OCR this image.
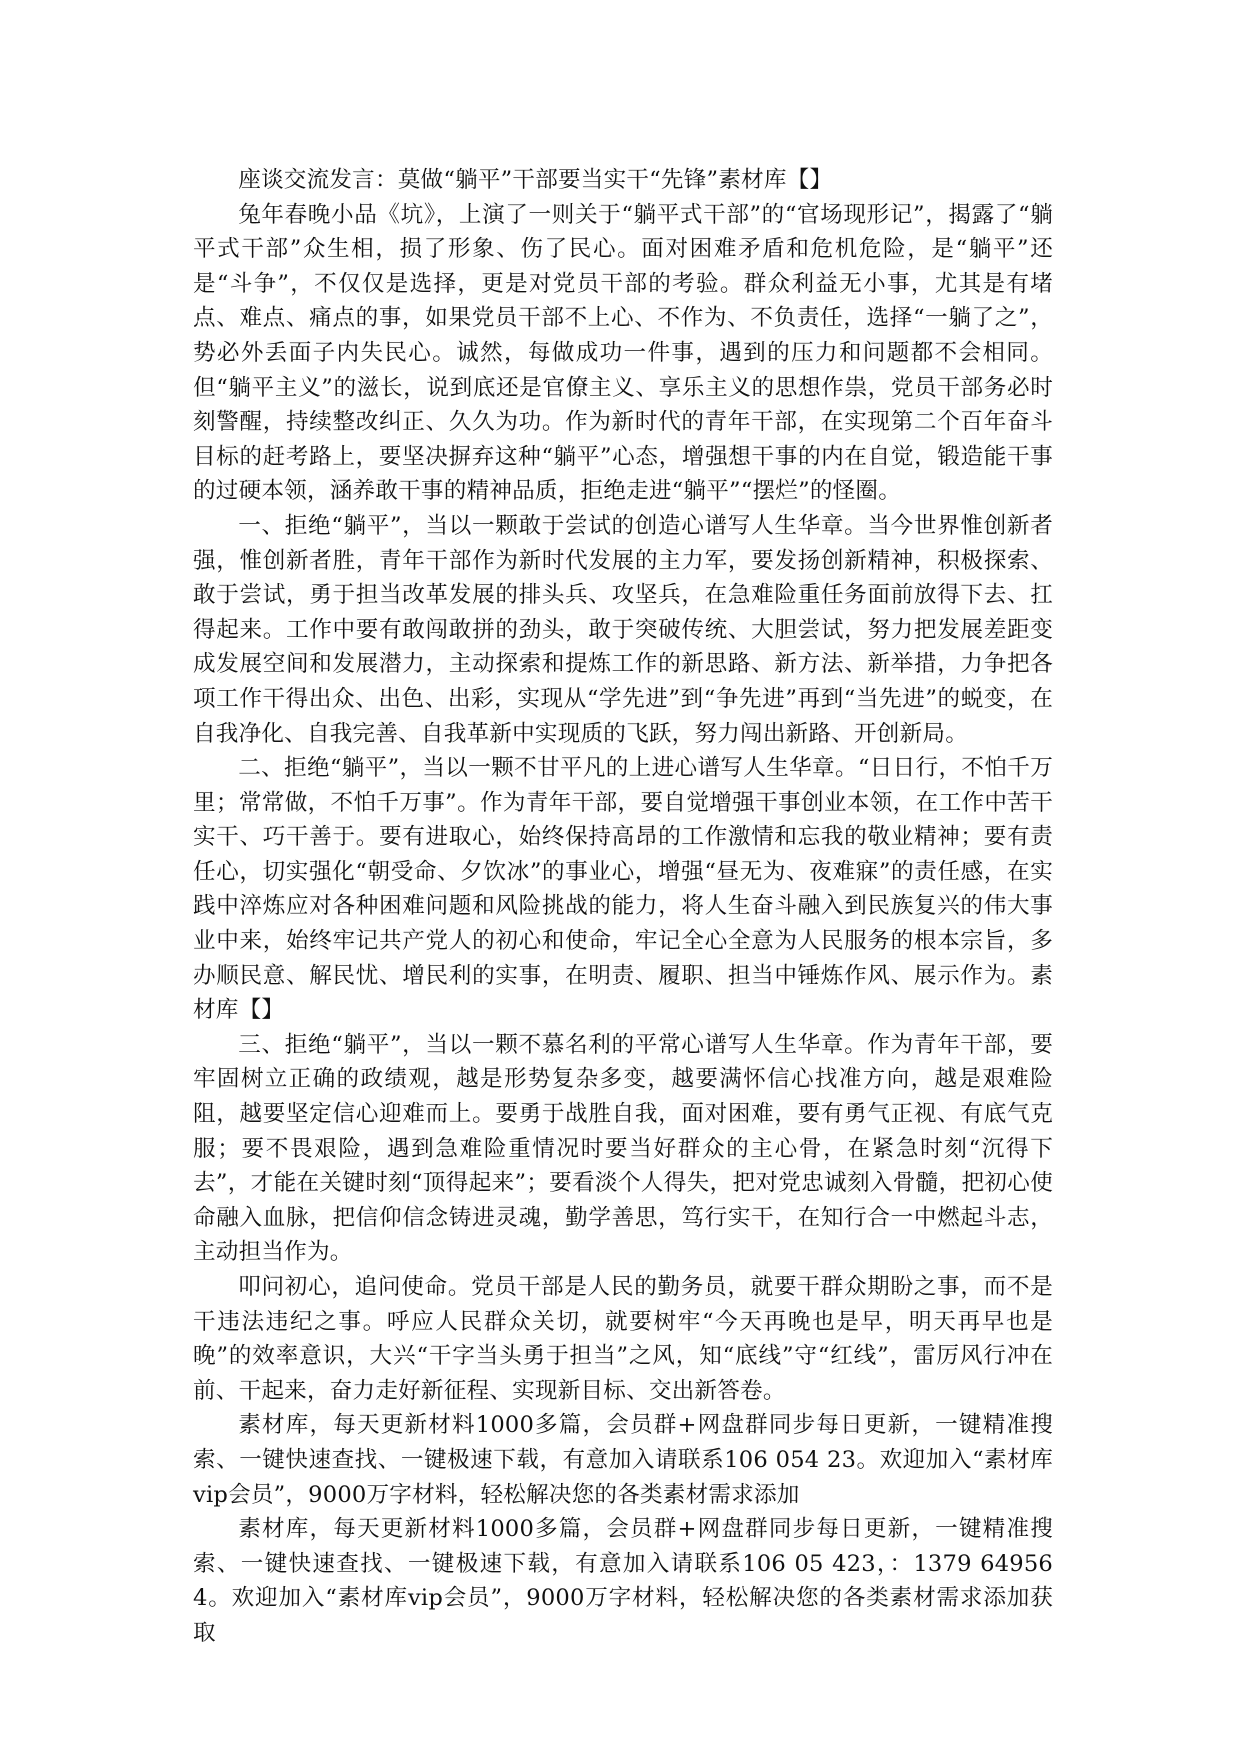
座谈交流发言：莫做“躺平”干部要当实干“先锋”素材库【】

兔年春晚小品《坑》，上演了一则关于“躺平式干部”的“官场现形记”，揭露了“躺平式干部”众生相，损了形象、伤了民心。面对困难矛盾和危机危险，是“躺平”还是“斗争”，不仅仅是选择，更是对党员干部的考验。群众利益无小事，尤其是有堵点、难点、痛点的事，如果党员干部不上心、不作为、不负责任，选择“一躺了之”，势必外丢面子内失民心。诚然，每做成功一件事，遇到的压力和问题都不会相同。但“躺平主义”的滋长，说到底还是官僚主义、享乐主义的思想作祟，党员干部务必时刻警醒，持续整改纠正、久久为功。作为新时代的青年干部，在实现第二个百年奋斗目标的赶考路上，要坚决摒弃这种“躺平”心态，增强想干事的内在自觉，锻造能干事的过硬本领，涵养敢干事的精神品质，拒绝走进“躺平”“摆烂”的怪圈。

一、拒绝“躺平”，当以一颗敢于尝试的创造心谱写人生华章。当今世界惟创新者强，惟创新者胜，青年干部作为新时代发展的主力军，要发扬创新精神，积极探索、敢于尝试，勇于担当改革发展的排头兵、攻坚兵，在急难险重任务面前放得下去、扛得起来。工作中要有敢闯敢拼的劲头，敢于突破传统、大胆尝试，努力把发展差距变成发展空间和发展潜力，主动探索和提炼工作的新思路、新方法、新举措，力争把各项工作干得出众、出色、出彩，实现从“学先进”到“争先进”再到“当先进”的蜕变，在自我净化、自我完善、自我革新中实现质的飞跃，努力闯出新路、开创新局。

二、拒绝“躺平”，当以一颗不甘平凡的上进心谱写人生华章。“日日行，不怕千万里；常常做，不怕千万事”。作为青年干部，要自觉增强干事创业本领，在工作中苦干实干、巧干善于。要有进取心，始终保持高昂的工作激情和忘我的敬业精神；要有责任心，切实强化“朝受命、夕饮冰”的事业心，增强“昼无为、夜难寐”的责任感，在实践中淬炼应对各种困难问题和风险挑战的能力，将人生奋斗融入到民族复兴的伟大事业中来，始终牢记共产党人的初心和使命，牢记全心全意为人民服务的根本宗旨，多办顺民意、解民忧、增民利的实事，在明责、履职、担当中锤炼作风、展示作为。素材库【】

三、拒绝“躺平”，当以一颗不慕名利的平常心谱写人生华章。作为青年干部，要牢固树立正确的政绩观，越是形势复杂多变，越要满怀信心找准方向，越是艰难险阻，越要坚定信心迎难而上。要勇于战胜自我，面对困难，要有勇气正视、有底气克服；要不畏艰险，遇到急难险重情况时要当好群众的主心骨，在紧急时刻“沉得下去”，才能在关键时刻“顶得起来”；要看淡个人得失，把对党忠诚刻入骨髓，把初心使命融入血脉，把信仰信念铸进灵魂，勤学善思，笃行实干，在知行合一中燃起斗志，主动担当作为。

叩问初心，追问使命。党员干部是人民的勤务员，就要干群众期盼之事，而不是干违法违纪之事。呼应人民群众关切，就要树牢“今天再晚也是早，明天再早也是晚”的效率意识，大兴“干字当头勇于担当”之风，知“底线”守“红线”，雷厉风行冲在前、干起来，奋力走好新征程、实现新目标、交出新答卷。

素材库，每天更新材料1000多篇，会员群+网盘群同步每日更新，一键精准搜索、一键快速查找、一键极速下载，有意加入请联系106 054 23。欢迎加入“素材库vip会员”，9000万字材料，轻松解决您的各类素材需求添加

素材库，每天更新材料1000多篇，会员群+网盘群同步每日更新，一键精准搜索、一键快速查找、一键极速下载，有意加入请联系106 05 423，：1379 649564。欢迎加入“素材库vip会员”，9000万字材料，轻松解决您的各类素材需求添加获取
